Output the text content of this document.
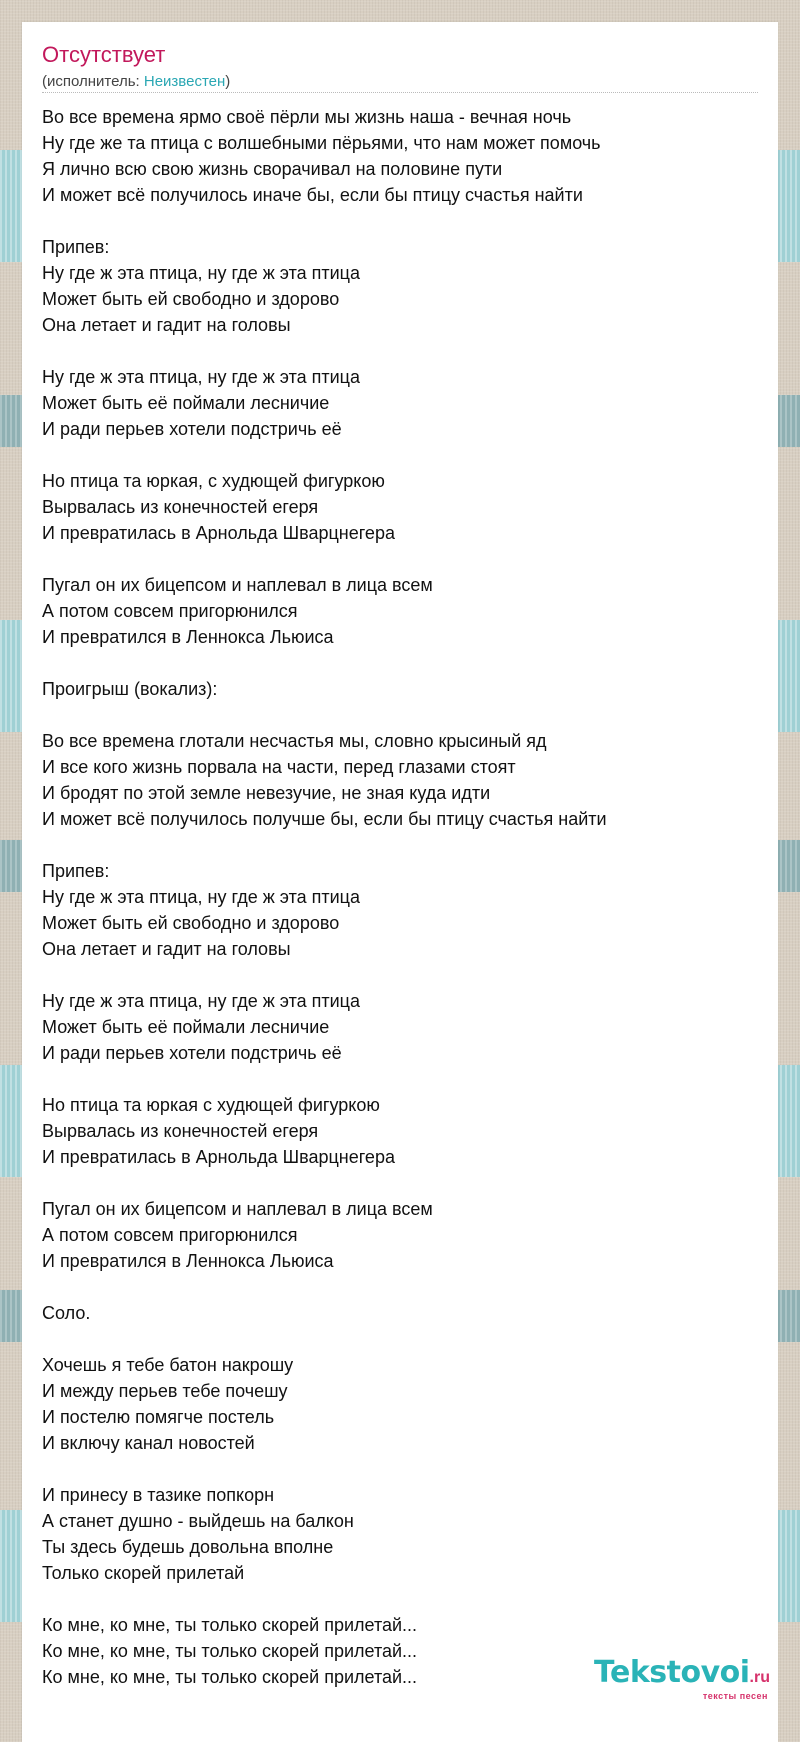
Отсутствует
(исполнитель: Неизвестен)
Во все времена ярмо своё пёрли мы жизнь наша - вечная ночь
Ну где же та птица с волшебными пёрьями, что нам может помочь
Я лично всю свою жизнь сворачивал на половине пути
И может всё получилось иначе бы, если бы птицу счастья найти
Припев:
Ну где ж эта птица, ну где ж эта птица
Может быть ей свободно и здорово
Она летает и гадит на головы
Ну где ж эта птица, ну где ж эта птица
Может быть её поймали лесничие
И ради перьев хотели подстричь её
Но птица та юркая, с худющей фигуркою
Вырвалась из конечностей егеря
И превратилась в Арнольда Шварцнегера
Пугал он их бицепсом и наплевал в лица всем
А потом совсем пригорюнился
И превратился в Леннокса Льюиса
Проигрыш (вокализ):
Во все времена глотали несчастья мы, словно крысиный яд
И все кого жизнь порвала на части, перед глазами стоят
И бродят по этой земле невезучие, не зная куда идти
И может всё получилось получше бы, если бы птицу счастья найти
Припев:
Ну где ж эта птица, ну где ж эта птица
Может быть ей свободно и здорово
Она летает и гадит на головы
Ну где ж эта птица, ну где ж эта птица
Может быть её поймали лесничие
И ради перьев хотели подстричь её
Но птица та юркая с худющей фигуркою
Вырвалась из конечностей егеря
И превратилась в Арнольда Шварцнегера
Пугал он их бицепсом и наплевал в лица всем
А потом совсем пригорюнился
И превратился в Леннокса Льюиса
Соло.
Хочешь я тебе батон накрошу
И между перьев тебе почешу
И постелю помягче постель
И включу канал новостей
И принесу в тазике попкорн
А станет душно - выйдешь на балкон
Ты здесь будешь довольна вполне
Только скорей прилетай
Ко мне, ко мне, ты только скорей прилетай...
Ко мне, ко мне, ты только скорей прилетай...
Ко мне, ко мне, ты только скорей прилетай...	Tekstovoi.ru
тексты песен
